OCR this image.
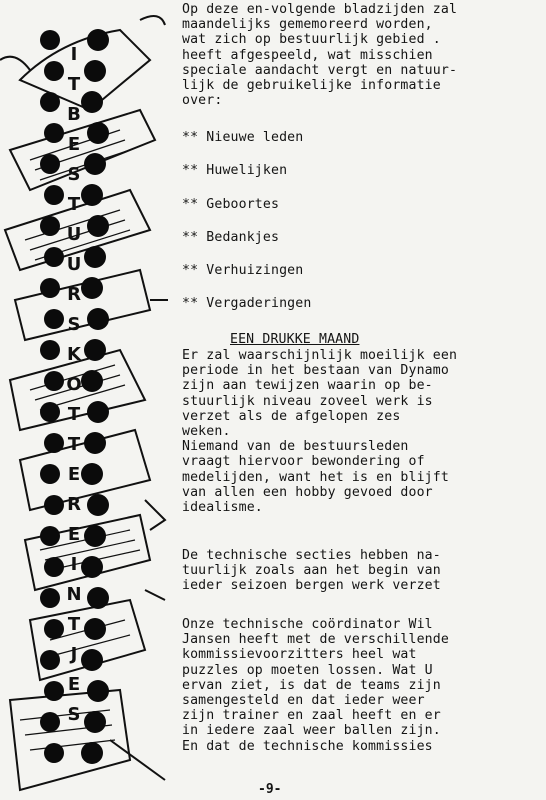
I
T
B
E
S
T
U
U
R
S
K
O
T
T
E
R
E
I
N
T
J
E
S
Op deze en-volgende bladzijden zal
maandelijks gememoreerd worden,
wat zich op bestuurlijk gebied .
heeft afgespeeld, wat misschien
speciale aandacht vergt en natuur-
lijk de gebruikelijke informatie
over:
** Nieuwe leden
** Huwelijken
** Geboortes
** Bedankjes
** Verhuizingen
** Vergaderingen
EEN DRUKKE MAAND
Er zal waarschijnlijk moeilijk een
periode in het bestaan van Dynamo
zijn aan tewijzen waarin op be-
stuurlijk niveau zoveel werk is
verzet als de afgelopen zes
weken.
Niemand van de bestuursleden
vraagt hiervoor bewondering of
medelijden, want het is en blijft
van allen een hobby gevoed door
idealisme.
De technische secties hebben na-
tuurlijk zoals aan het begin van
ieder seizoen bergen werk verzet
Onze technische coördinator Wil
Jansen heeft met de verschillende
kommissievoorzitters heel wat
puzzles op moeten lossen. Wat U
ervan ziet, is dat de teams zijn
samengesteld en dat ieder weer
zijn trainer en zaal heeft en er
in iedere zaal weer ballen zijn.
En dat de technische kommissies
-9-
